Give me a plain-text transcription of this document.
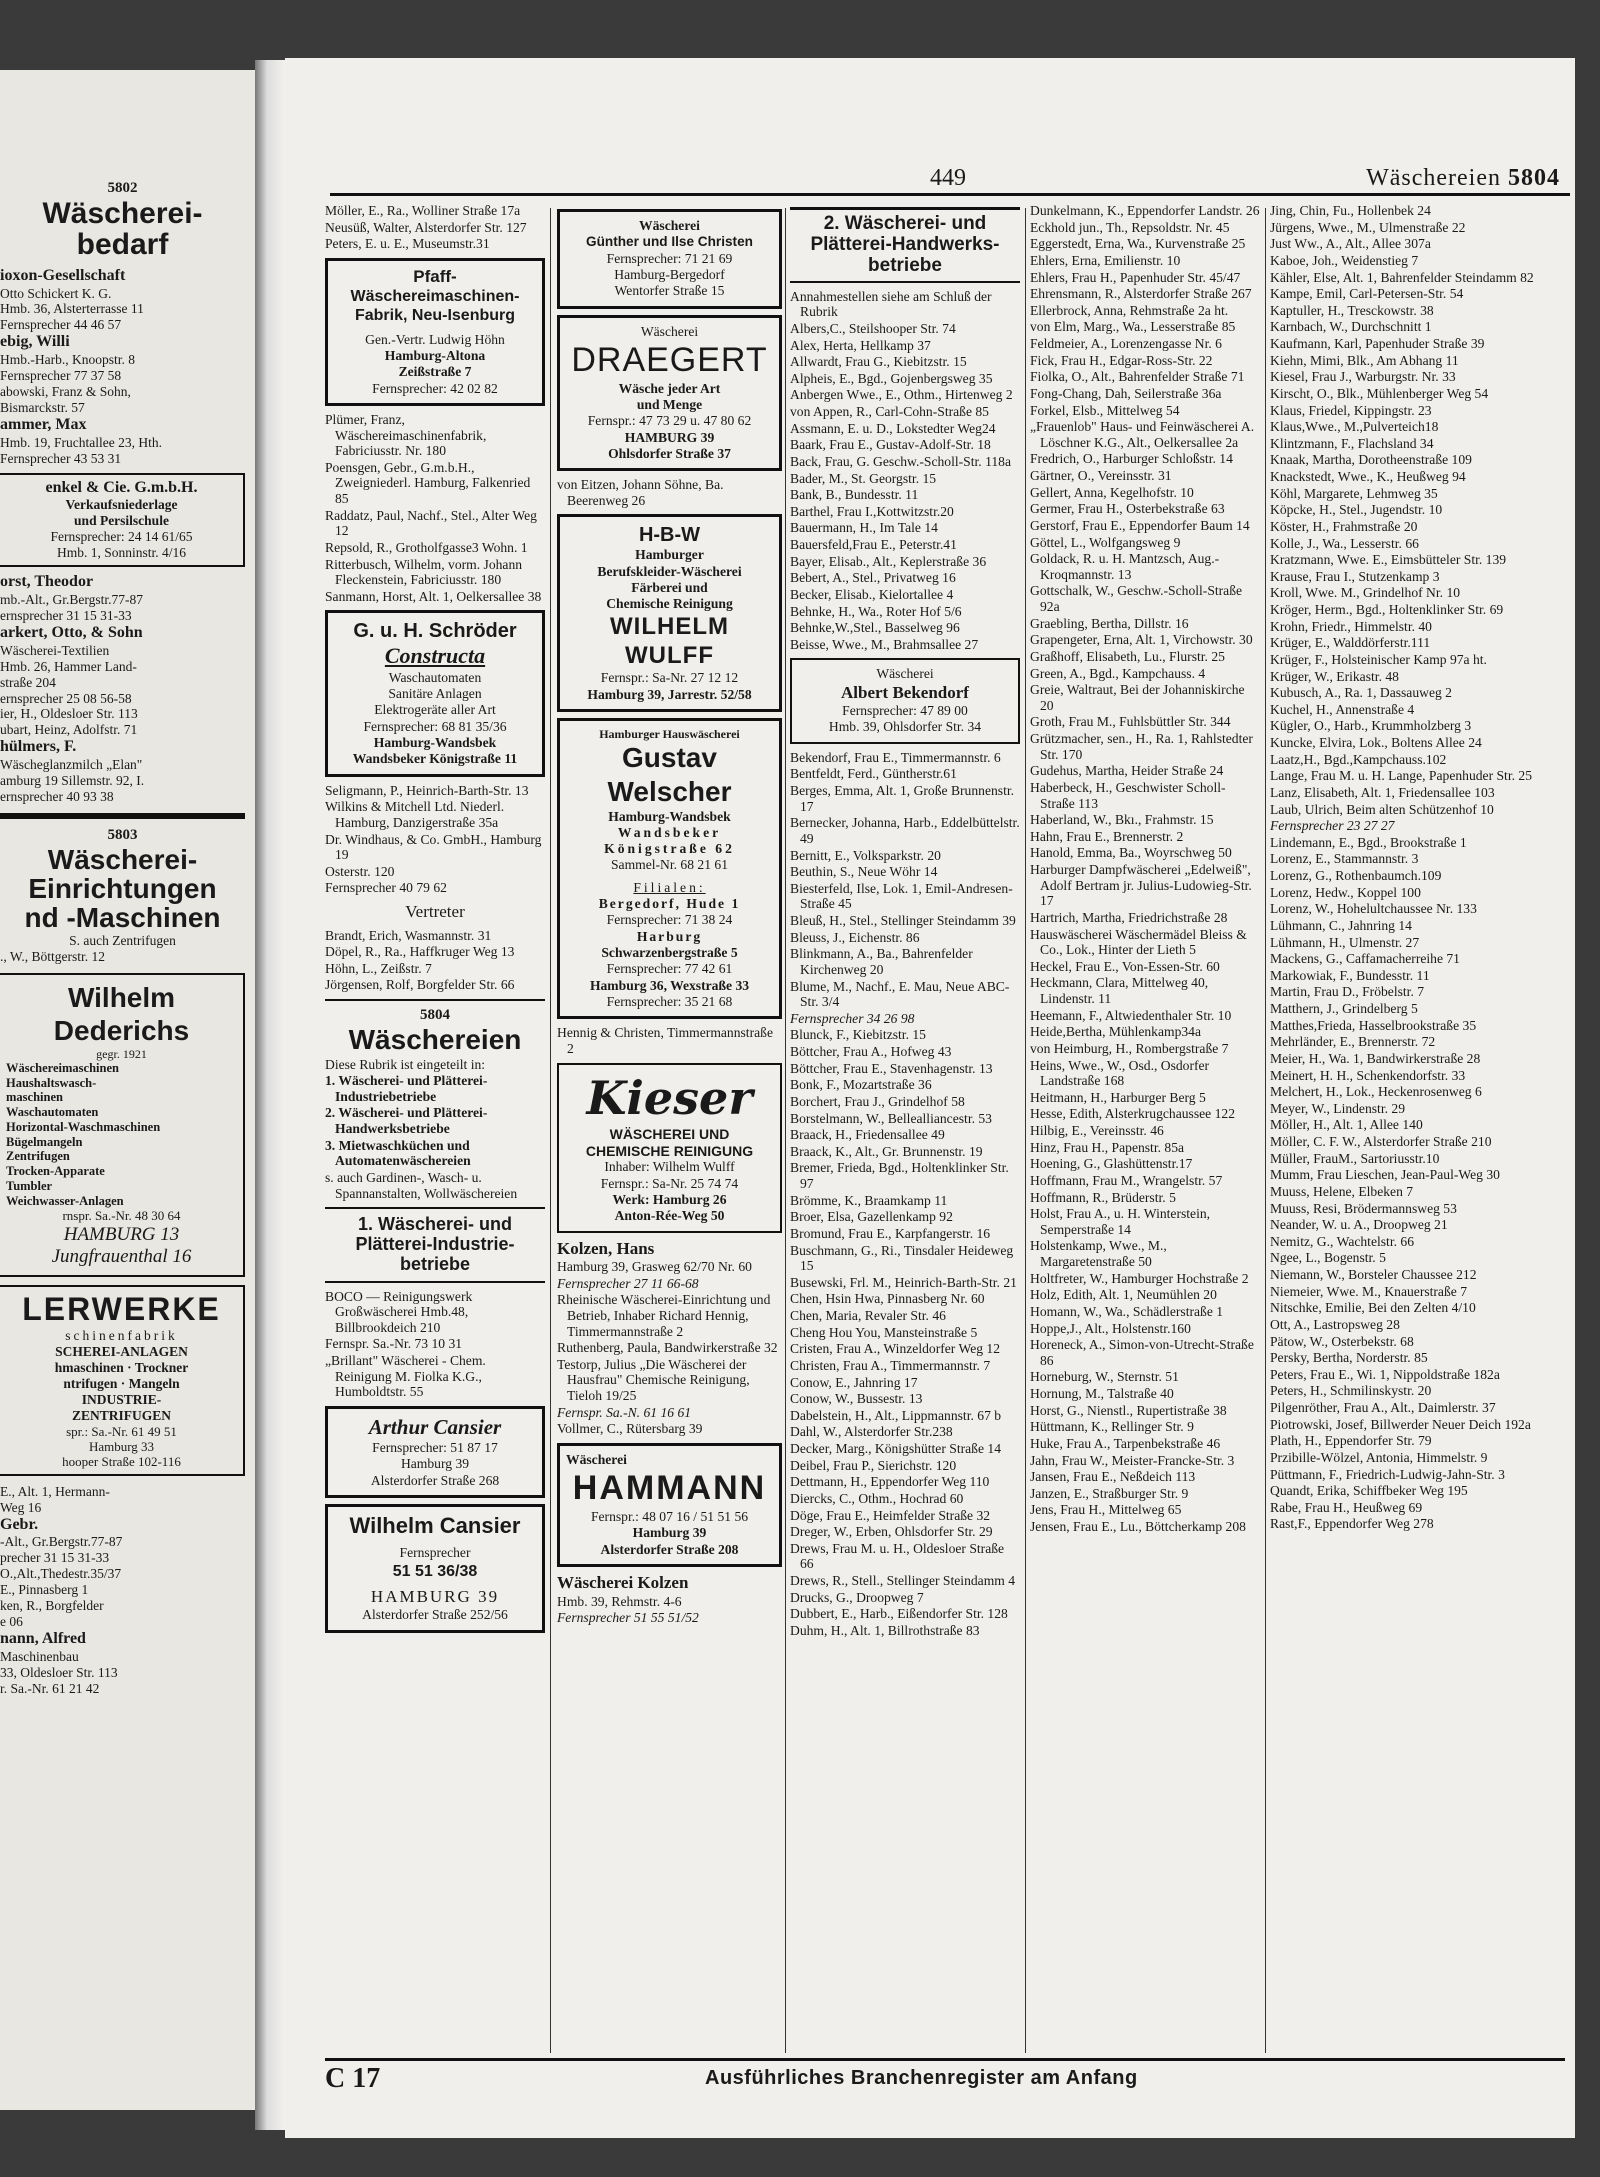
5802
Wäscherei-
bedarf
ioxon-Gesellschaft
Otto Schickert K. G.
Hmb. 36, Alsterterrasse 11
Fernsprecher 44 46 57
ebig, Willi
Hmb.-Harb., Knoopstr. 8
Fernsprecher 77 37 58
abowski, Franz & Sohn,
Bismarckstr. 57
ammer, Max
Hmb. 19, Fruchtallee 23, Hth.
Fernsprecher 43 53 31
enkel & Cie. G.m.b.H.
Verkaufsniederlage
und Persilschule
Fernsprecher: 24 14 61/65
Hmb. 1, Sonninstr. 4/16
orst, Theodor
mb.-Alt., Gr.Bergstr.77-87
ernsprecher 31 15 31-33
arkert, Otto, & Sohn
Wäscherei-Textilien
Hmb. 26, Hammer Land-
straße 204
ernsprecher 25 08 56-58
ier, H., Oldesloer Str. 113
ubart, Heinz, Adolfstr. 71
hülmers, F.
Wäscheglanzmilch „Elan"
amburg 19 Sillemstr. 92, I.
ernsprecher 40 93 38
5803
Wäscherei-
Einrichtungen
nd -Maschinen
S. auch Zentrifugen
., W., Böttgerstr. 12
Wilhelm
Dederichs
gegr. 1921
Wäschereimaschinen
Haushaltswasch-
maschinen
Waschautomaten
Horizontal-Waschmaschinen
Bügelmangeln
Zentrifugen
Trocken-Apparate
Tumbler
Weichwasser-Anlagen
rnspr. Sa.-Nr. 48 30 64
HAMBURG 13
Jungfrauenthal 16
LERWERKE
schinenfabrik
SCHEREI-ANLAGEN
hmaschinen · Trockner
ntrifugen · Mangeln
INDUSTRIE-
ZENTRIFUGEN
spr.: Sa.-Nr. 61 49 51
Hamburg 33
hooper Straße 102-116
E., Alt. 1, Hermann-
Weg 16
Gebr.
-Alt., Gr.Bergstr.77-87
precher 31 15 31-33
O.,Alt.,Thedestr.35/37
E., Pinnasberg 1
ken, R., Borgfelder
e 06
nann, Alfred
Maschinenbau
33, Oldesloer Str. 113
r. Sa.-Nr. 61 21 42
449	Wäschereien 5804

Möller, E., Ra., Wolliner Straße 17a

Neusüß, Walter, Alsterdorfer Str. 127

Peters, E. u. E., Museumstr.31

Pfaff-
Wäschereimaschinen-
Fabrik, Neu-Isenburg
Gen.-Vertr. Ludwig Höhn
Hamburg-Altona
Zeißstraße 7
Fernsprecher: 42 02 82

Plümer, Franz, Wäschereimaschinenfabrik, Fabriciusstr. Nr. 180

Poensgen, Gebr., G.m.b.H., Zweigniederl. Hamburg, Falkenried 85

Raddatz, Paul, Nachf., Stel., Alter Weg 12

Repsold, R., Grotholfgasse3 Wohn. 1

Ritterbusch, Wilhelm, vorm. Johann Fleckenstein, Fabriciusstr. 180

Sanmann, Horst, Alt. 1, Oelkersallee 38

G. u. H. Schröder
Constructa
Waschautomaten
Sanitäre Anlagen
Elektrogeräte aller Art
Fernsprecher: 68 81 35/36
Hamburg-Wandsbek
Wandsbeker Königstraße 11

Seligmann, P., Heinrich-Barth-Str. 13

Wilkins & Mitchell Ltd. Niederl. Hamburg, Danzigerstraße 35a

Dr. Windhaus, & Co. GmbH., Hamburg 19

Osterstr. 120

Fernsprecher 40 79 62

Vertreter

Brandt, Erich, Wasmannstr. 31

Döpel, R., Ra., Haffkruger Weg 13

Höhn, L., Zeißstr. 7

Jörgensen, Rolf, Borgfelder Str. 66

5804
Wäschereien

Diese Rubrik ist eingeteilt in:

1. Wäscherei- und Plätterei-Industriebetriebe

2. Wäscherei- und Plätterei-Handwerksbetriebe

3. Mietwaschküchen und Automatenwäschereien

s. auch Gardinen-, Wasch- u. Spannanstalten, Wollwäschereien

1. Wäscherei- und
Plätterei-Industrie-
betriebe

BOCO — Reinigungswerk Großwäscherei Hmb.48, Billbrookdeich 210

Fernspr. Sa.-Nr. 73 10 31

„Brillant" Wäscherei - Chem. Reinigung M. Fiolka K.G., Humboldtstr. 55

Arthur Cansier
Fernsprecher: 51 87 17
Hamburg 39
Alsterdorfer Straße 268
Wilhelm Cansier
Fernsprecher
51 51 36/38
HAMBURG 39
Alsterdorfer Straße 252/56
Wäscherei
Günther und Ilse Christen
Fernsprecher: 71 21 69
Hamburg-Bergedorf
Wentorfer Straße 15
Wäscherei
DRAEGERT
Wäsche jeder Art
und Menge
Fernspr.: 47 73 29 u. 47 80 62
HAMBURG 39
Ohlsdorfer Straße 37

von Eitzen, Johann Söhne, Ba. Beerenweg 26

H-B-W
Hamburger
Berufskleider-Wäscherei
Färberei und
Chemische Reinigung
WILHELM WULFF
Fernspr.: Sa-Nr. 27 12 12
Hamburg 39, Jarrestr. 52/58
Hamburger Hauswäscherei
Gustav Welscher
Hamburg-Wandsbek
Wandsbeker
Königstraße 62
Sammel-Nr. 68 21 61
Filialen:
Bergedorf, Hude 1
Fernsprecher: 71 38 24
Harburg
Schwarzenbergstraße 5
Fernsprecher: 77 42 61
Hamburg 36, Wexstraße 33
Fernsprecher: 35 21 68

Hennig & Christen, Timmermannstraße 2

Kieser
WÄSCHEREI UND
CHEMISCHE REINIGUNG
Inhaber: Wilhelm Wulff
Fernspr.: Sa-Nr. 25 74 74
Werk: Hamburg 26
Anton-Rée-Weg 50

Kolzen, Hans

Hamburg 39, Grasweg 62/70 Nr. 60

Fernsprecher 27 11 66-68

Rheinische Wäscherei-Einrichtung und Betrieb, Inhaber Richard Hennig, Timmermannstraße 2

Ruthenberg, Paula, Bandwirkerstraße 32

Testorp, Julius „Die Wäscherei der Hausfrau" Chemische Reinigung, Tieloh 19/25

Fernspr. Sa.-N. 61 16 61

Vollmer, C., Rütersbarg 39

Wäscherei
HAMMANN
Fernspr.: 48 07 16 / 51 51 56
Hamburg 39
Alsterdorfer Straße 208

Wäscherei Kolzen

Hmb. 39, Rehmstr. 4-6

Fernsprecher 51 55 51/52

2. Wäscherei- und
Plätterei-Handwerks-
betriebe

Annahmestellen siehe am Schluß der Rubrik

Albers,C., Steilshooper Str. 74

Alex, Herta, Hellkamp 37

Allwardt, Frau G., Kiebitzstr. 15

Alpheis, E., Bgd., Gojenbergsweg 35

Anbergen Wwe., E., Othm., Hirtenweg 2

von Appen, R., Carl-Cohn-Straße 85

Assmann, E. u. D., Lokstedter Weg24

Baark, Frau E., Gustav-Adolf-Str. 18

Back, Frau, G. Geschw.-Scholl-Str. 118a

Bader, M., St. Georgstr. 15

Bank, B., Bundesstr. 11

Barthel, Frau I.,Kottwitzstr.20

Bauermann, H., Im Tale 14

Bauersfeld,Frau E., Peterstr.41

Bayer, Elisab., Alt., Keplerstraße 36

Bebert, A., Stel., Privatweg 16

Becker, Elisab., Kielortallee 4

Behnke, H., Wa., Roter Hof 5/6

Behnke,W.,Stel., Basselweg 96

Beisse, Wwe., M., Brahmsallee 27

Wäscherei
Albert Bekendorf
Fernsprecher: 47 89 00
Hmb. 39, Ohlsdorfer Str. 34

Bekendorf, Frau E., Timmermannstr. 6

Bentfeldt, Ferd., Güntherstr.61

Berges, Emma, Alt. 1, Große Brunnenstr. 17

Bernecker, Johanna, Harb., Eddelbüttelstr. 49

Bernitt, E., Volksparkstr. 20

Beuthin, S., Neue Wöhr 14

Biesterfeld, Ilse, Lok. 1, Emil-Andresen-Straße 45

Bleuß, H., Stel., Stellinger Steindamm 39

Bleuss, J., Eichenstr. 86

Blinkmann, A., Ba., Bahrenfelder Kirchenweg 20

Blume, M., Nachf., E. Mau, Neue ABC-Str. 3/4

Fernsprecher 34 26 98

Blunck, F., Kiebitzstr. 15

Böttcher, Frau A., Hofweg 43

Böttcher, Frau E., Stavenhagenstr. 13

Bonk, F., Mozartstraße 36

Borchert, Frau J., Grindelhof 58

Borstelmann, W., Bellealliancestr. 53

Braack, H., Friedensallee 49

Braack, K., Alt., Gr. Brunnenstr. 19

Bremer, Frieda, Bgd., Holtenklinker Str. 97

Brömme, K., Braamkamp 11

Broer, Elsa, Gazellenkamp 92

Bromund, Frau E., Karpfangerstr. 16

Buschmann, G., Ri., Tinsdaler Heideweg 15

Busewski, Frl. M., Heinrich-Barth-Str. 21

Chen, Hsin Hwa, Pinnasberg Nr. 60

Chen, Maria, Revaler Str. 46

Cheng Hou You, Mansteinstraße 5

Cristen, Frau A., Winzeldorfer Weg 12

Christen, Frau A., Timmermannstr. 7

Conow, E., Jahnring 17

Conow, W., Bussestr. 13

Dabelstein, H., Alt., Lippmannstr. 67 b

Dahl, W., Alsterdorfer Str.238

Decker, Marg., Königshütter Straße 14

Deibel, Frau P., Sierichstr. 120

Dettmann, H., Eppendorfer Weg 110

Diercks, C., Othm., Hochrad 60

Döge, Frau E., Heimfelder Straße 32

Dreger, W., Erben, Ohlsdorfer Str. 29

Drews, Frau M. u. H., Oldesloer Straße 66

Drews, R., Stell., Stellinger Steindamm 4

Drucks, G., Droopweg 7

Dubbert, E., Harb., Eißendorfer Str. 128

Duhm, H., Alt. 1, Billrothstraße 83

Dunkelmann, K., Eppendorfer Landstr. 26

Eckhold jun., Th., Repsoldstr. Nr. 45

Eggerstedt, Erna, Wa., Kurvenstraße 25

Ehlers, Erna, Emilienstr. 10

Ehlers, Frau H., Papenhuder Str. 45/47

Ehrensmann, R., Alsterdorfer Straße 267

Ellerbrock, Anna, Rehmstraße 2a ht.

von Elm, Marg., Wa., Lesserstraße 85

Feldmeier, A., Lorenzengasse Nr. 6

Fick, Frau H., Edgar-Ross-Str. 22

Fiolka, O., Alt., Bahrenfelder Straße 71

Fong-Chang, Dah, Seilerstraße 36a

Forkel, Elsb., Mittelweg 54

„Frauenlob" Haus- und Feinwäscherei A. Löschner K.G., Alt., Oelkersallee 2a

Fredrich, O., Harburger Schloßstr. 14

Gärtner, O., Vereinsstr. 31

Gellert, Anna, Kegelhofstr. 10

Germer, Frau H., Osterbekstraße 63

Gerstorf, Frau E., Eppendorfer Baum 14

Göttel, L., Wolfgangsweg 9

Goldack, R. u. H. Mantzsch, Aug.-Kroqmannstr. 13

Gottschalk, W., Geschw.-Scholl-Straße 92a

Graebling, Bertha, Dillstr. 16

Grapengeter, Erna, Alt. 1, Virchowstr. 30

Graßhoff, Elisabeth, Lu., Flurstr. 25

Green, A., Bgd., Kampchauss. 4

Greie, Waltraut, Bei der Johanniskirche 20

Groth, Frau M., Fuhlsbüttler Str. 344

Grützmacher, sen., H., Ra. 1, Rahlstedter Str. 170

Gudehus, Martha, Heider Straße 24

Haberbeck, H., Geschwister Scholl-Straße 113

Haberland, W., Bkı., Frahmstr. 15

Hahn, Frau E., Brennerstr. 2

Hanold, Emma, Ba., Woyrschweg 50

Harburger Dampfwäscherei „Edelweiß", Adolf Bertram jr. Julius-Ludowieg-Str. 17

Hartrich, Martha, Friedrichstraße 28

Hauswäscherei Wäschermädel Bleiss & Co., Lok., Hinter der Lieth 5

Heckel, Frau E., Von-Essen-Str. 60

Heckmann, Clara, Mittelweg 40, Lindenstr. 11

Heemann, F., Altwiedenthaler Str. 10

Heide,Bertha, Mühlenkamp34a

von Heimburg, H., Rombergstraße 7

Heins, Wwe., W., Osd., Osdorfer Landstraße 168

Heitmann, H., Harburger Berg 5

Hesse, Edith, Alsterkrugchaussee 122

Hilbig, E., Vereinsstr. 46

Hinz, Frau H., Papenstr. 85a

Hoening, G., Glashüttenstr.17

Hoffmann, Frau M., Wrangelstr. 57

Hoffmann, R., Brüderstr. 5

Holst, Frau A., u. H. Winterstein, Semperstraße 14

Holstenkamp, Wwe., M., Margaretenstraße 50

Holtfreter, W., Hamburger Hochstraße 2

Holz, Edith, Alt. 1, Neumühlen 20

Homann, W., Wa., Schädlerstraße 1

Hoppe,J., Alt., Holstenstr.160

Horeneck, A., Simon-von-Utrecht-Straße 86

Horneburg, W., Sternstr. 51

Hornung, M., Talstraße 40

Horst, G., Nienstl., Rupertistraße 38

Hüttmann, K., Rellinger Str. 9

Huke, Frau A., Tarpenbekstraße 46

Jahn, Frau W., Meister-Francke-Str. 3

Jansen, Frau E., Neßdeich 113

Janzen, E., Straßburger Str. 9

Jens, Frau H., Mittelweg 65

Jensen, Frau E., Lu., Böttcherkamp 208

Jing, Chin, Fu., Hollenbek 24

Jürgens, Wwe., M., Ulmenstraße 22

Just Ww., A., Alt., Allee 307a

Kaboe, Joh., Weidenstieg 7

Kähler, Else, Alt. 1, Bahrenfelder Steindamm 82

Kampe, Emil, Carl-Petersen-Str. 54

Kaptuller, H., Tresckowstr. 38

Karnbach, W., Durchschnitt 1

Kaufmann, Karl, Papenhuder Straße 39

Kiehn, Mimi, Blk., Am Abhang 11

Kiesel, Frau J., Warburgstr. Nr. 33

Kirscht, O., Blk., Mühlenberger Weg 54

Klaus, Friedel, Kippingstr. 23

Klaus,Wwe., M.,Pulverteich18

Klintzmann, F., Flachsland 34

Knaak, Martha, Dorotheenstraße 109

Knackstedt, Wwe., K., Heußweg 94

Köhl, Margarete, Lehmweg 35

Köpcke, H., Stel., Jugendstr. 10

Köster, H., Frahmstraße 20

Kolle, J., Wa., Lesserstr. 66

Kratzmann, Wwe. E., Eimsbütteler Str. 139

Krause, Frau I., Stutzenkamp 3

Kroll, Wwe. M., Grindelhof Nr. 10

Kröger, Herm., Bgd., Holtenklinker Str. 69

Krohn, Friedr., Himmelstr. 40

Krüger, E., Walddörferstr.111

Krüger, F., Holsteinischer Kamp 97a ht.

Krüger, W., Erikastr. 48

Kubusch, A., Ra. 1, Dassauweg 2

Kuchel, H., Annenstraße 4

Kügler, O., Harb., Krummholzberg 3

Kuncke, Elvira, Lok., Boltens Allee 24

Laatz,H., Bgd.,Kampchauss.102

Lange, Frau M. u. H. Lange, Papenhuder Str. 25

Lanz, Elisabeth, Alt. 1, Friedensallee 103

Laub, Ulrich, Beim alten Schützenhof 10

Fernsprecher 23 27 27

Lindemann, E., Bgd., Brookstraße 1

Lorenz, E., Stammannstr. 3

Lorenz, G., Rothenbaumch.109

Lorenz, Hedw., Koppel 100

Lorenz, W., Hohelultchaussee Nr. 133

Lühmann, C., Jahnring 14

Lühmann, H., Ulmenstr. 27

Mackens, G., Caffamacherreihe 71

Markowiak, F., Bundesstr. 11

Martin, Frau D., Fröbelstr. 7

Matthern, J., Grindelberg 5

Matthes,Frieda, Hasselbrookstraße 35

Mehrländer, E., Brennerstr. 72

Meier, H., Wa. 1, Bandwirkerstraße 28

Meinert, H. H., Schenkendorfstr. 33

Melchert, H., Lok., Heckenrosenweg 6

Meyer, W., Lindenstr. 29

Möller, H., Alt. 1, Allee 140

Möller, C. F. W., Alsterdorfer Straße 210

Müller, FrauM., Sartoriusstr.10

Mumm, Frau Lieschen, Jean-Paul-Weg 30

Muuss, Helene, Elbeken 7

Muuss, Resi, Brödermannsweg 53

Neander, W. u. A., Droopweg 21

Nemitz, G., Wachtelstr. 66

Ngee, L., Bogenstr. 5

Niemann, W., Borsteler Chaussee 212

Niemeier, Wwe. M., Knauerstraße 7

Nitschke, Emilie, Bei den Zelten 4/10

Ott, A., Lastropsweg 28

Pätow, W., Osterbekstr. 68

Persky, Bertha, Norderstr. 85

Peters, Frau E., Wi. 1, Nippoldstraße 182a

Peters, H., Schmilinskystr. 20

Pilgenröther, Frau A., Alt., Daimlerstr. 37

Piotrowski, Josef, Billwerder Neuer Deich 192a

Plath, H., Eppendorfer Str. 79

Przibille-Wölzel, Antonia, Himmelstr. 9

Püttmann, F., Friedrich-Ludwig-Jahn-Str. 3

Quandt, Erika, Schiffbeker Weg 195

Rabe, Frau H., Heußweg 69

Rast,F., Eppendorfer Weg 278

C 17	Ausführliches Branchenregister am Anfang
